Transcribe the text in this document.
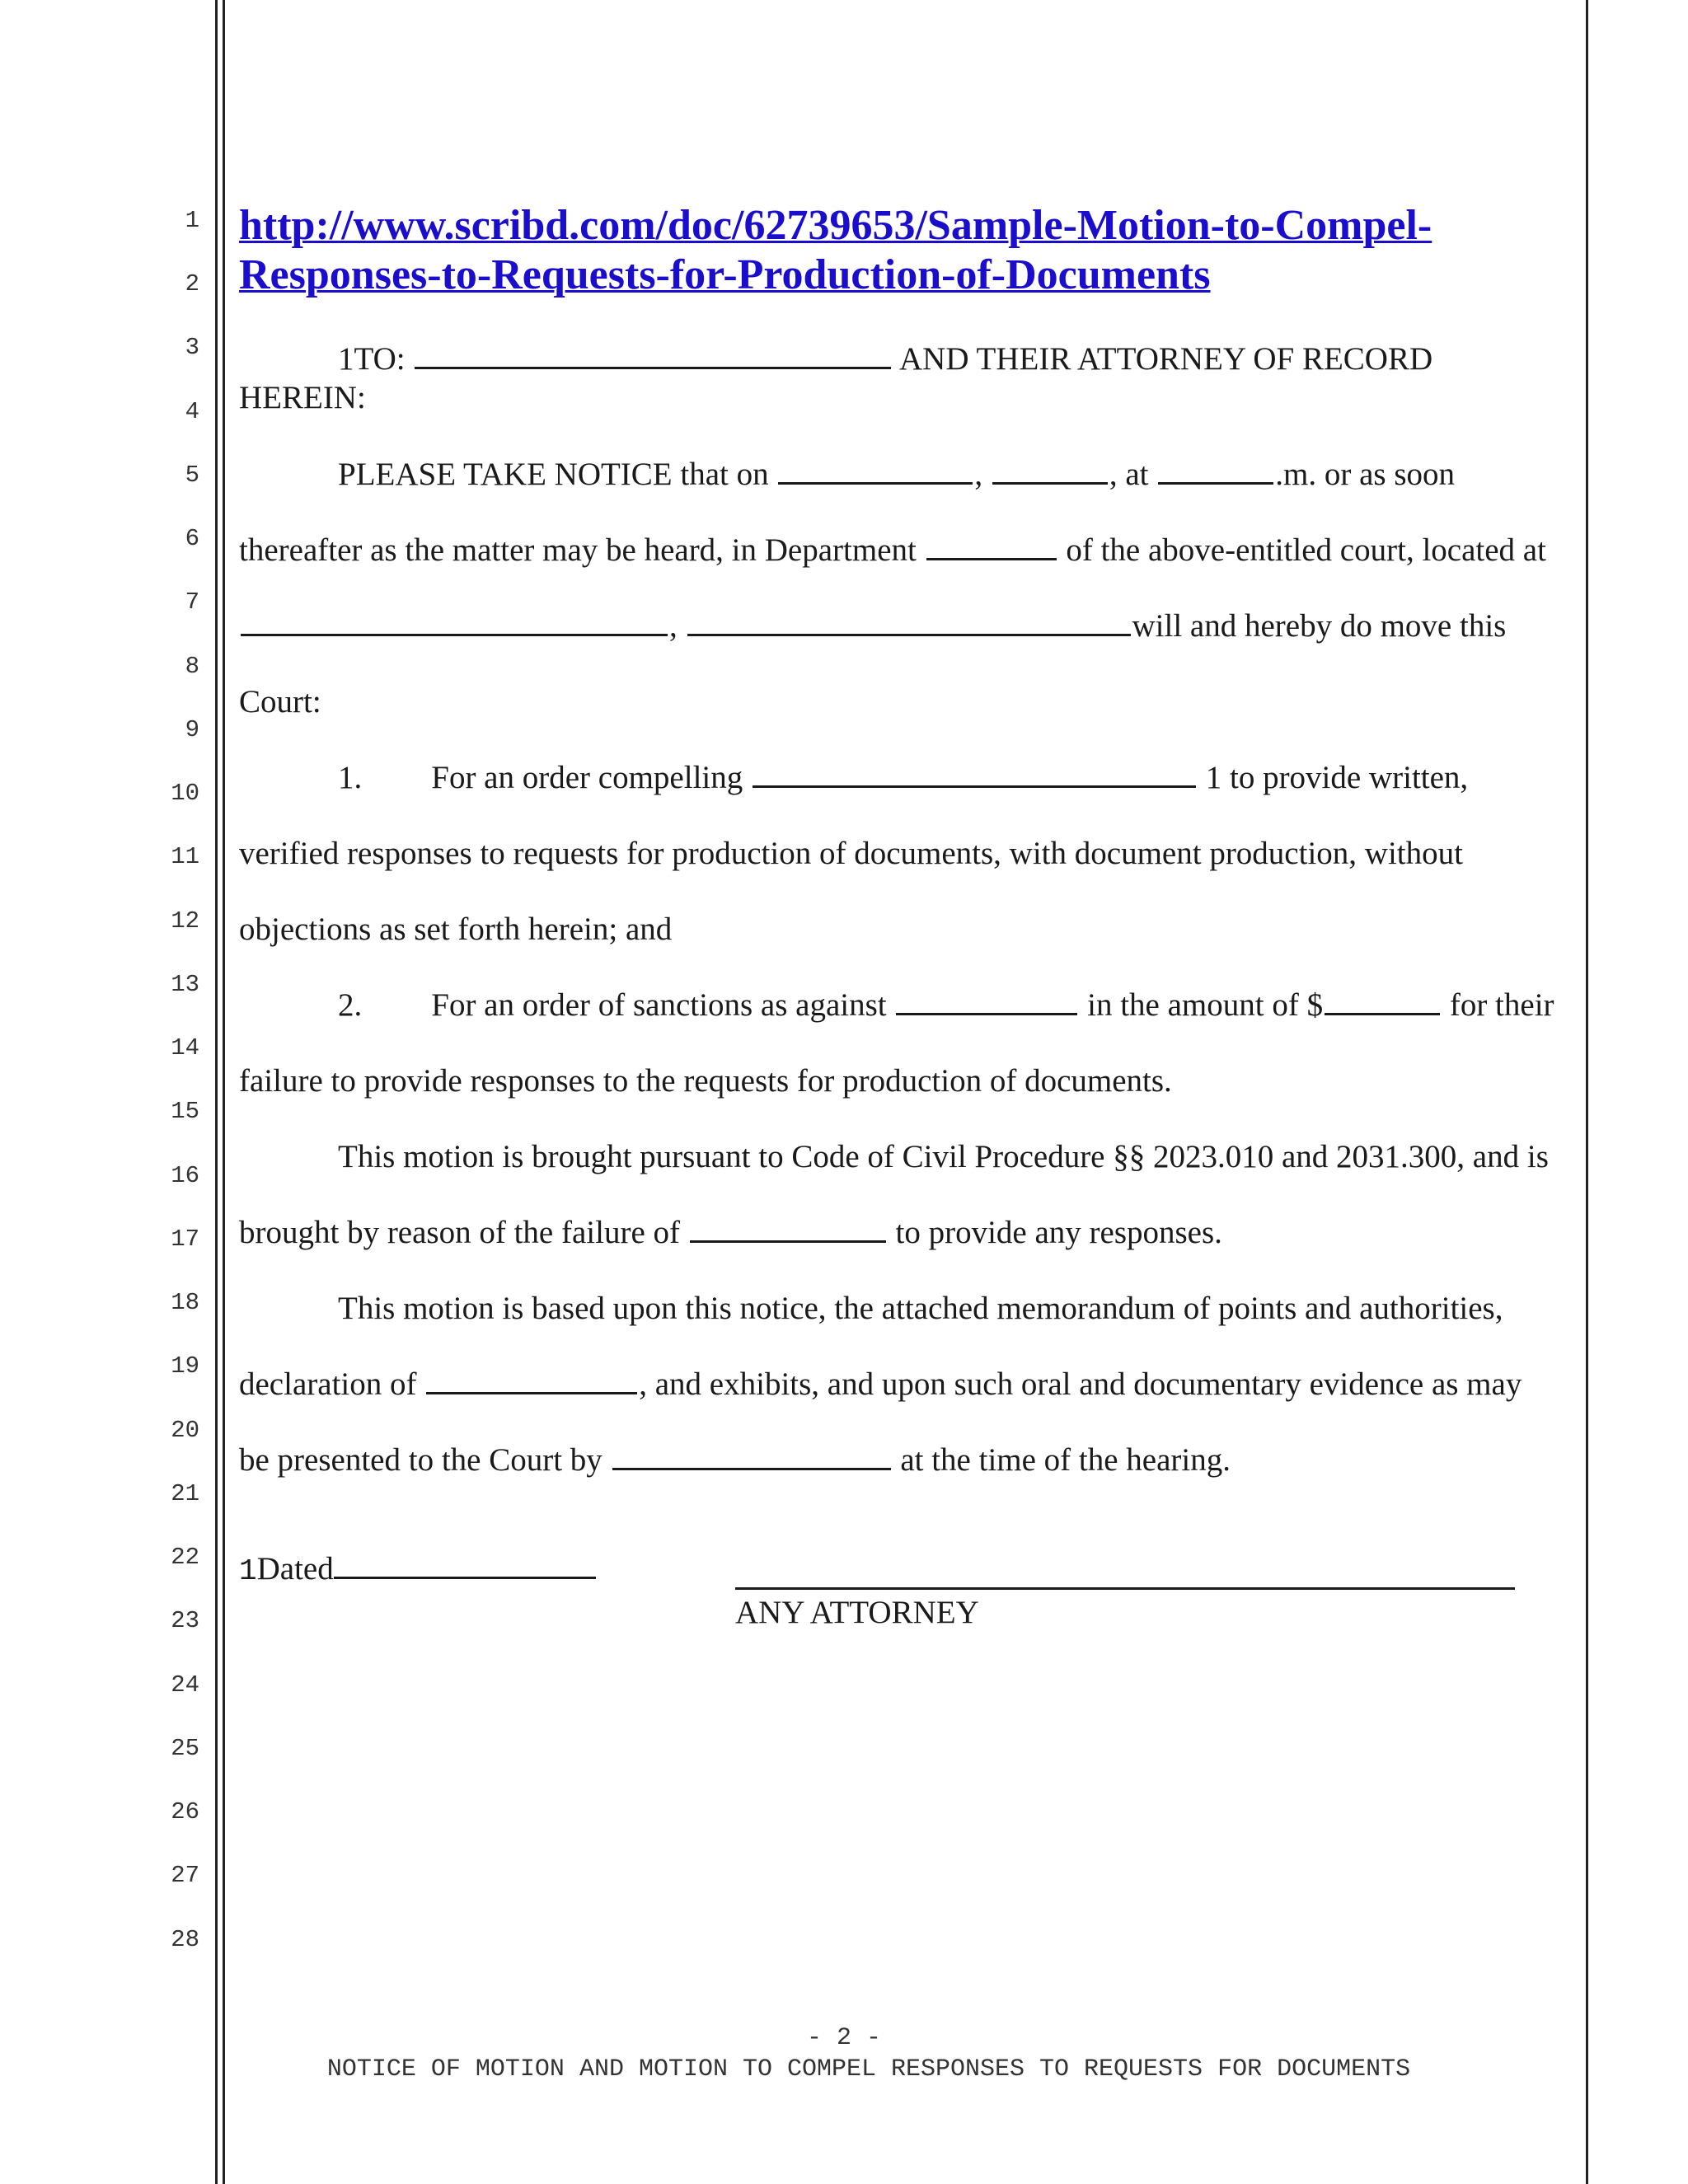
1
2
3
4
5
6
7
8
9
10
11
12
13
14
15
16
17
18
19
20
21
22
23
24
25
26
27
28
http://www.scribd.com/doc/62739653/Sample-Motion-to-Compel-
Responses-to-Requests-for-Production-of-Documents
1TO:	AND THEIR ATTORNEY OF RECORD
HEREIN:
PLEASE TAKE NOTICE that on	,	, at	.m. or as soon
thereafter as the matter may be heard, in Department	of the above-entitled court, located at
,	will and hereby do move this
Court:
1. For an order compelling	1 to provide written,
verified responses to requests for production of documents, with document production, without
objections as set forth herein; and
2. For an order of sanctions as against	in the amount of $	for their
failure to provide responses to the requests for production of documents.
This motion is brought pursuant to Code of Civil Procedure §§ 2023.010 and 2031.300, and is
brought by reason of the failure of	to provide any responses.
This motion is based upon this notice, the attached memorandum of points and authorities,
declaration of	, and exhibits, and upon such oral and documentary evidence as may
be presented to the Court by	at the time of the hearing.
1Dated
ANY ATTORNEY
- 2 -
NOTICE OF MOTION AND MOTION TO COMPEL RESPONSES TO REQUESTS FOR DOCUMENTS
